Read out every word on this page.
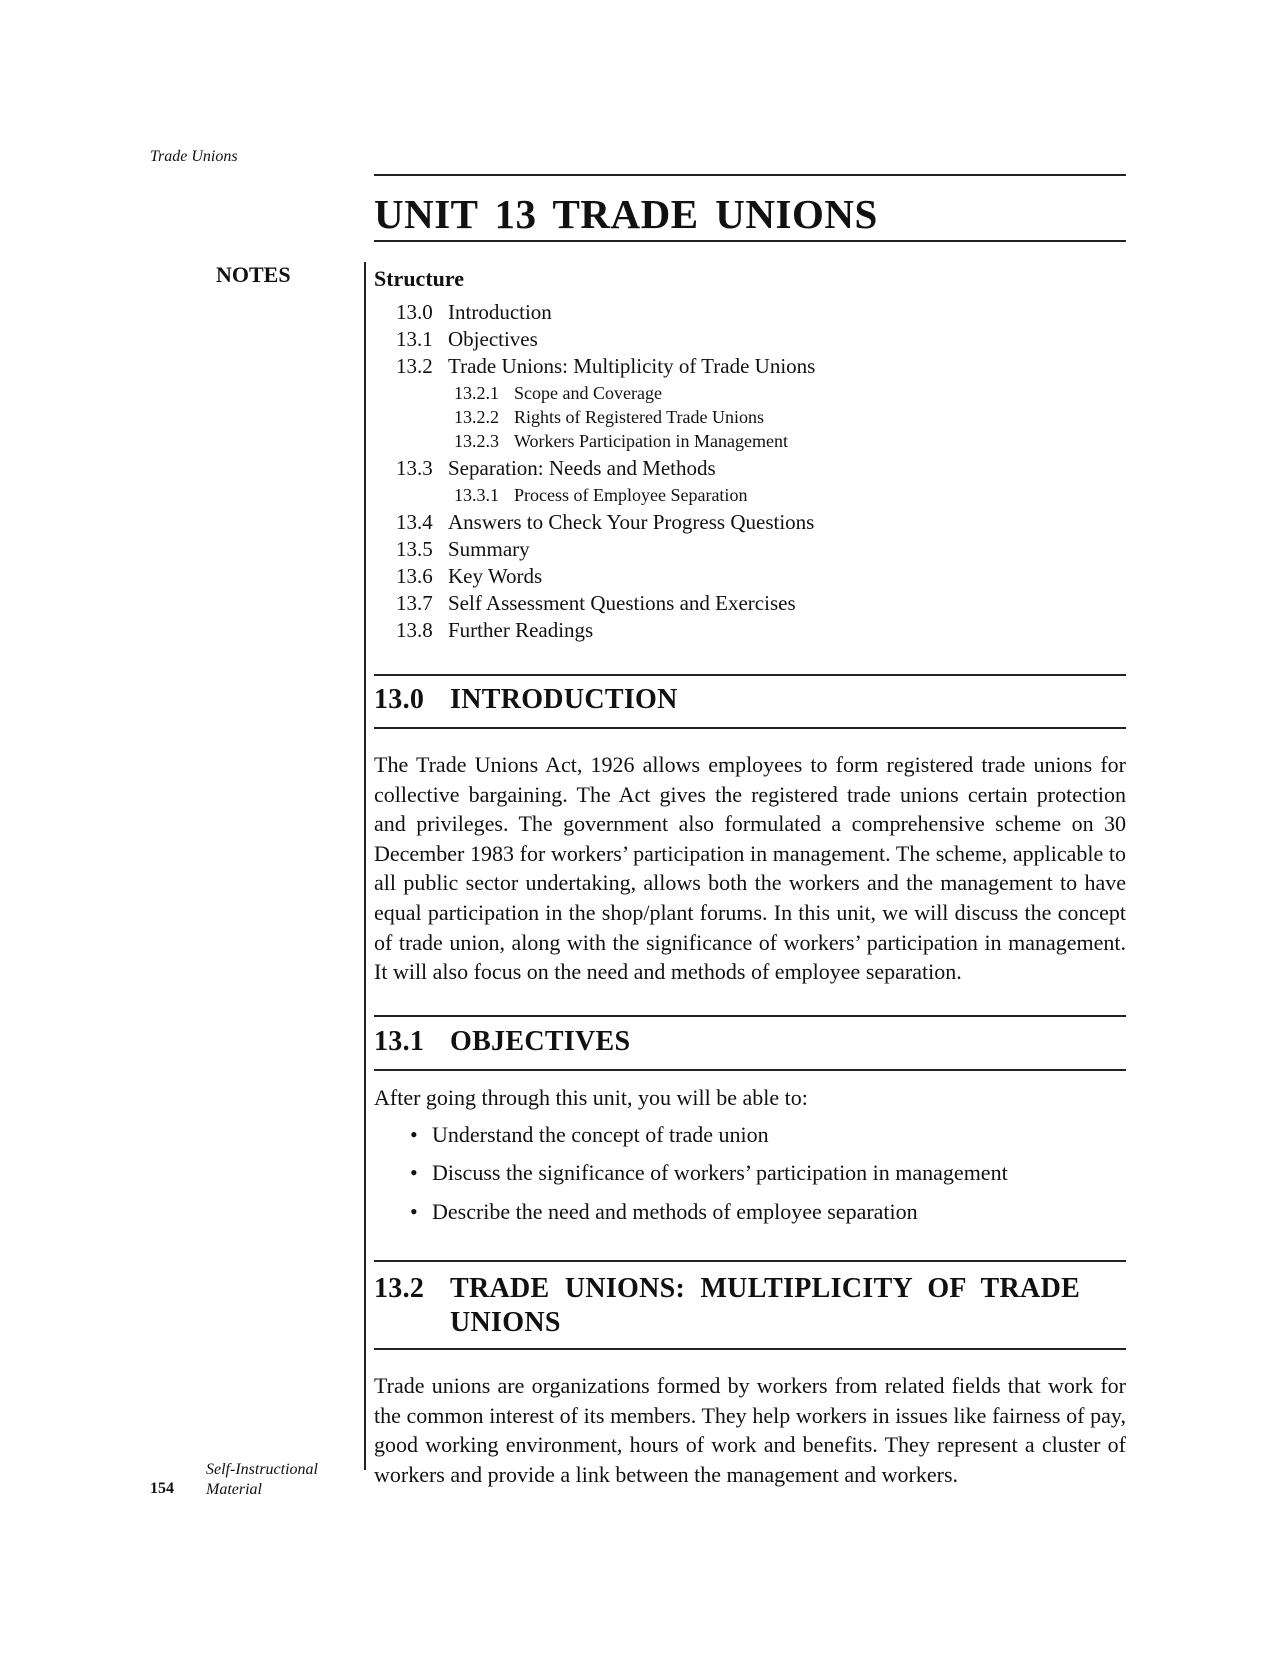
Trade Unions
NOTES
154
Self-Instructional
Material
UNIT 13 TRADE UNIONS
Structure
13.0 Introduction
13.1 Objectives
13.2 Trade Unions: Multiplicity of Trade Unions
13.2.1 Scope and Coverage
13.2.2 Rights of Registered Trade Unions
13.2.3 Workers Participation in Management
13.3 Separation: Needs and Methods
13.3.1 Process of Employee Separation
13.4 Answers to Check Your Progress Questions
13.5 Summary
13.6 Key Words
13.7 Self Assessment Questions and Exercises
13.8 Further Readings
13.0 INTRODUCTION
The Trade Unions Act, 1926 allows employees to form registered trade unions for collective bargaining. The Act gives the registered trade unions certain protection and privileges. The government also formulated a comprehensive scheme on 30 December 1983 for workers’ participation in management. The scheme, applicable to all public sector undertaking, allows both the workers and the management to have equal participation in the shop/plant forums. In this unit, we will discuss the concept of trade union, along with the significance of workers’ participation in management. It will also focus on the need and methods of employee separation.
13.1 OBJECTIVES
After going through this unit, you will be able to:
• Understand the concept of trade union
• Discuss the significance of workers’ participation in management
• Describe the need and methods of employee separation
13.2 TRADE UNIONS: MULTIPLICITY OF TRADE UNIONS
Trade unions are organizations formed by workers from related fields that work for the common interest of its members. They help workers in issues like fairness of pay, good working environment, hours of work and benefits. They represent a cluster of workers and provide a link between the management and workers.
